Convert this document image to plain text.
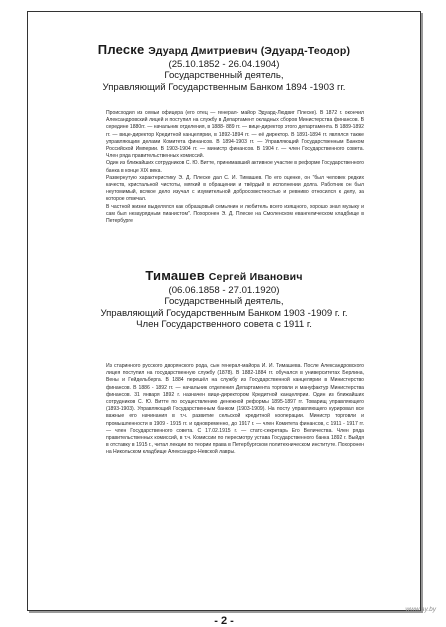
Плеске Эдуард Дмитриевич (Эдуард-Теодор)
(25.10.1852 - 26.04.1904)
Государственный деятель,
Управляющий Государственным Банком 1894 -1903 гг.

Происходил из семьи офицера (его отец — генерал- майор Эдуард-Людвиг Плеске). В 1872 г. окончил Александровский лицей и поступил на службу в Департамент окладных сборов Министерства финансов. В середине 1880гг. — начальник отделения, в 1888- 889 гг. — вице-директор этого департамента. В 1889-1892 гг. — вице-директор Кредитной канцелярии, в 1892-1894 гг. — её директор. В 1891-1894 гг. являлся также управляющим делами Комитета финансов. В 1894-1903 гг. — Управляющий Государственным Банком Российской Империи. В 1903-1904 гг. — министр финансов. В 1904 г. — член Государственного совета. Член ряда правительственных комиссий.

Один из ближайших сотрудников С. Ю. Витте, принимавший активное участие в реформе Государственного банка в конце XIX века.

Развернутую характеристику Э. Д. Плеске дал С. И. Тимашев. По его оценке, он "был человек редких качеств, кристальной чистоты, мягкий в обращении и твёрдый в исполнении долга. Работник он был неутомимый, всякое дело изучал с изумительной добросовестностью и ревниво относился к делу, за которое отвечал.

В частной жизни выделялся как образцовый семьянин и любитель всего изящного, хорошо знал музыку и сам был незаурядным пианистом". Похоронен Э. Д. Плеске на Смоленском евангелическом кладбище в Петербурге

Тимашев Сергей Иванович
(06.06.1858 - 27.01.1920)
Государственный деятель,
Управляющий Государственным Банком 1903 -1909 г. г.
Член Государственного совета с 1911 г.

Из старинного русского дворянского рода, сын генерал-майора И. И. Тимашева. После Александровского лицея поступил на государственную службу (1878). В 1882-1884 гг. обучался в университетах Берлина, Вены и Гейдельберга. В 1884 перешёл на службу из Государственной канцелярии в Министерство финансов. В 1886 - 1892 гг. — начальник отделения Департамента торговли и мануфактур Министерства финансов. 31 января 1892 г. назначен вице-директором Кредитной канцелярии. Один из ближайших сотрудников С. Ю. Витте по осуществлению денежной реформы 1895-1897 гг. Товарищ управляющего (1893-1903). Управляющий Государственным банком (1903-1909). На посту управляющего курировал все важные его начинания в т.ч. развитие сельской кредитной кооперации. Министр торговли и промышленности в 1909 - 1915 гг. и одновременно, до 1917 г. — член Комитета финансов, с 1911 - 1917 гг. — член Государственного совета. С 17.02.1915 г. — статс-секретарь Его Величества. Член ряда правительственных комиссий, в т.ч. Комиссии по пересмотру устава Государственного банка 1892 г. Выйдя в отставку в 1915 г., читал лекции по теории права в Петербургском политехническом институте. Похоронен на Никольском кладбище Александро-Невской лавры.

- 2 -
www.ay.by
